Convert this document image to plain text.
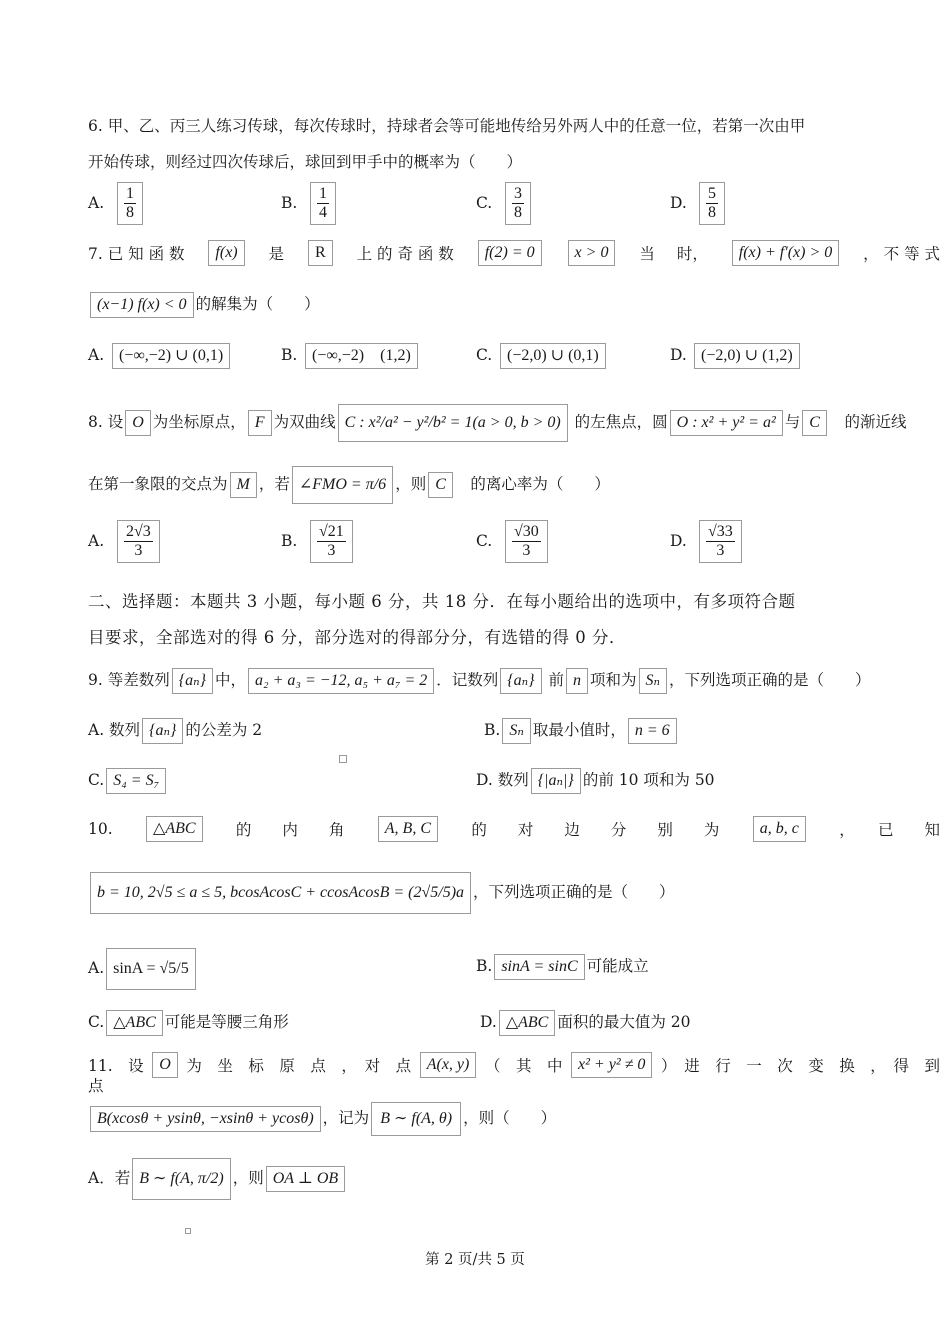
6. 甲、乙、丙三人练习传球，每次传球时，持球者会等可能地传给另外两人中的任意一位，若第一次由甲
开始传球，则经过四次传球后，球回到甲手中的概率为（　　）
A. $\frac{1}{8}$	B. $\frac{1}{4}$	C. $\frac{3}{8}$	D. $\frac{5}{8}$
7. 已 知 函 数	f(x)	是	R	上 的 奇 函 数	f(2) = 0	x > 0	当 时，	f(x) + f′(x) > 0	， 不 等 式
(x−1) f(x) < 0 的解集为（　　）
A. (−∞,−2) ∪ (0,1)	B. (−∞,−2)　(1,2)	C. (−2,0) ∪ (0,1)	D. (−2,0) ∪ (1,2)
8. 设 O 为坐标原点， F 为双曲线 C : x²/a² − y²/b² = 1(a > 0, b > 0) 的左焦点，圆 O : x² + y² = a² 与 C　 的渐近线
在第一象限的交点为 M ，若 ∠FMO = π/6 ，则 C　 的离心率为（　　）
A. $\frac{2√3}{3}$	B. $\frac{√21}{3}$	C. $\frac{√30}{3}$	D. $\frac{√33}{3}$
二、选择题：本题共 3 小题，每小题 6 分，共 18 分．在每小题给出的选项中，有多项符合题
目要求，全部选对的得 6 分，部分选对的得部分分，有选错的得 0 分．
9. 等差数列 {aₙ} 中， a₂ + a₃ = −12, a₅ + a₇ = 2 ．记数列 {aₙ} 前 n 项和为 Sₙ ，下列选项正确的是（　　）
A. 数列 {aₙ} 的公差为 2	B. Sₙ 取最小值时， n = 6
C. S₄ = S₇	D. 数列 {|aₙ|} 的前 10 项和为 50
10.	△ABC	的　　内　　角	A, B, C	的　　对　　边　　分　　别　　为	a, b, c	，　　已　　知
b = 10, 2√5 ≤ a ≤ 5, bcosAcosC + ccosAcosB = (2√5/5)a ，下列选项正确的是（　　）
A. sinA = √5/5	B. sinA = sinC 可能成立
C. △ABC 可能是等腰三角形	D. △ABC 面积的最大值为 20
11.　设 O	为　坐　标　原　点　，　对　点 A(x, y)	（　其　中 x² + y² ≠ 0	）　进　行　一　次　变　换　，　得　到
点
B(xcosθ + ysinθ, −xsinθ + ycosθ) ，记为 B ∼ f(A, θ) ，则（　　）
A．若 B ∼ f(A, π/2) ，则 OA ⊥ OB
第 2 页/共 5 页
